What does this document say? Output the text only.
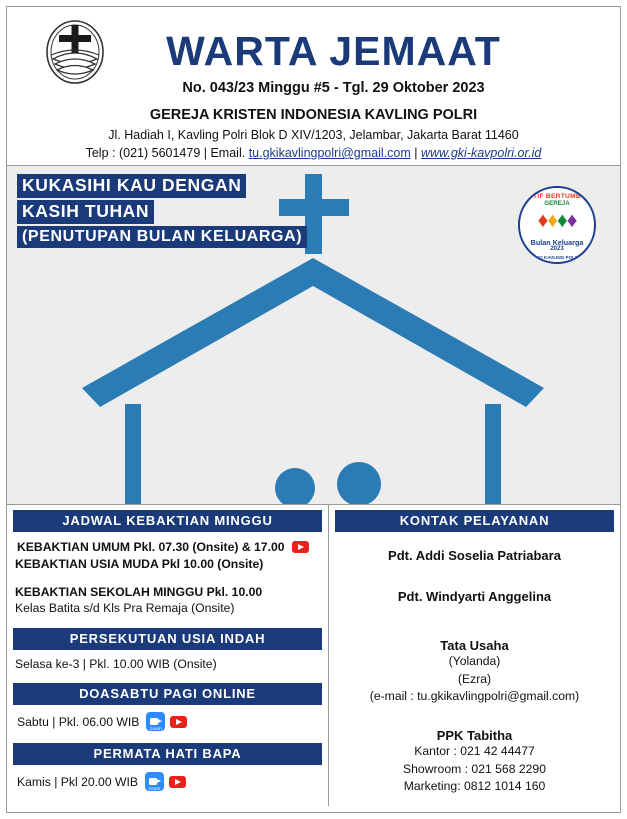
WARTA JEMAAT
No. 043/23 Minggu #5 - Tgl. 29 Oktober 2023
GEREJA KRISTEN INDONESIA KAVLING POLRI
Jl. Hadiah I, Kavling Polri Blok D XIV/1203, Jelambar, Jakarta Barat 11460
Telp : (021) 5601479 | Email. tu.gkikavlingpolri@gmail.com | www.gki-kavpolri.or.id
KUKASIHI KAU DENGAN
KASIH TUHAN
(PENUTUPAN BULAN KELUARGA)
AKTIF BERTUMBUH
GEREJA
♦♦♦♦
Bulan Keluarga
2023
GKI KAVLING POLRI
JADWAL KEBAKTIAN MINGGU
KEBAKTIAN UMUM Pkl. 07.30 (Onsite) & 17.00
KEBAKTIAN USIA MUDA Pkl 10.00 (Onsite)
KEBAKTIAN SEKOLAH MINGGU Pkl. 10.00
Kelas Batita s/d Kls Pra Remaja (Onsite)
PERSEKUTUAN USIA INDAH
Selasa ke-3 | Pkl. 10.00 WIB (Onsite)
DOASABTU PAGI ONLINE
Sabtu | Pkl. 06.00 WIB	zoom
PERMATA HATI BAPA
Kamis | Pkl 20.00 WIB	zoom
KONTAK PELAYANAN
Pdt. Addi Soselia Patriabara
Pdt. Windyarti Anggelina
Tata Usaha
(Yolanda)
(Ezra)
(e-mail : tu.gkikavlingpolri@gmail.com)
PPK Tabitha
Kantor : 021 42 44477
Showroom : 021 568 2290
Marketing: 0812 1014 160
